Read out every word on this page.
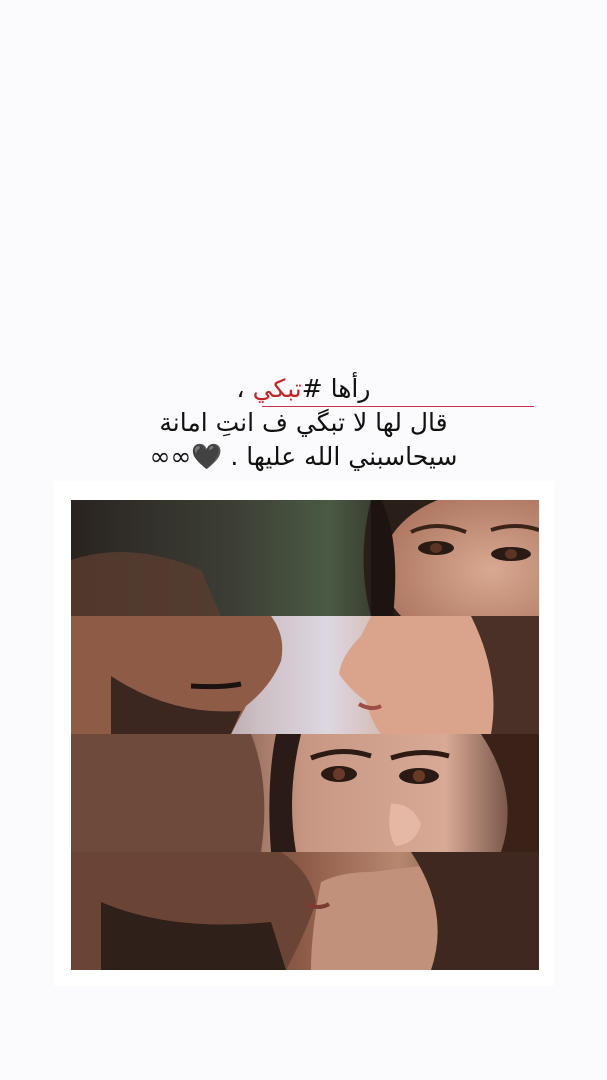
رأها #تبكي ،
قال لها لا تبگي ف انتِ امانة
سيحاسبني الله عليها . 🖤∞∞
